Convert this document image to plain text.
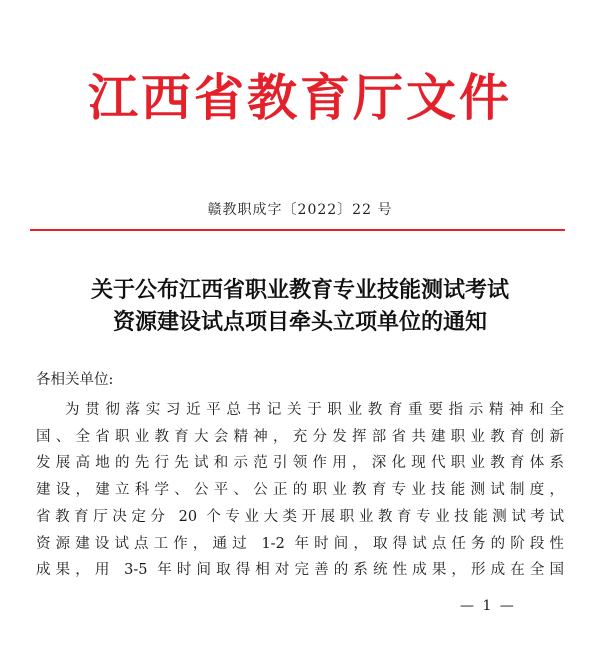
江西省教育厅文件
赣教职成字〔2022〕22 号
关于公布江西省职业教育专业技能测试考试
资源建设试点项目牵头立项单位的通知
各相关单位:
为贯彻落实习近平总书记关于职业教育重要指示精神和全
国、全省职业教育大会精神，充分发挥部省共建职业教育创新
发展高地的先行先试和示范引领作用，深化现代职业教育体系
建设，建立科学、公平、公正的职业教育专业技能测试制度，
省教育厅决定分 20 个专业大类开展职业教育专业技能测试考试
资源建设试点工作，通过 1-2 年时间，取得试点任务的阶段性
成果，用 3-5 年时间取得相对完善的系统性成果，形成在全国
— 1 —
